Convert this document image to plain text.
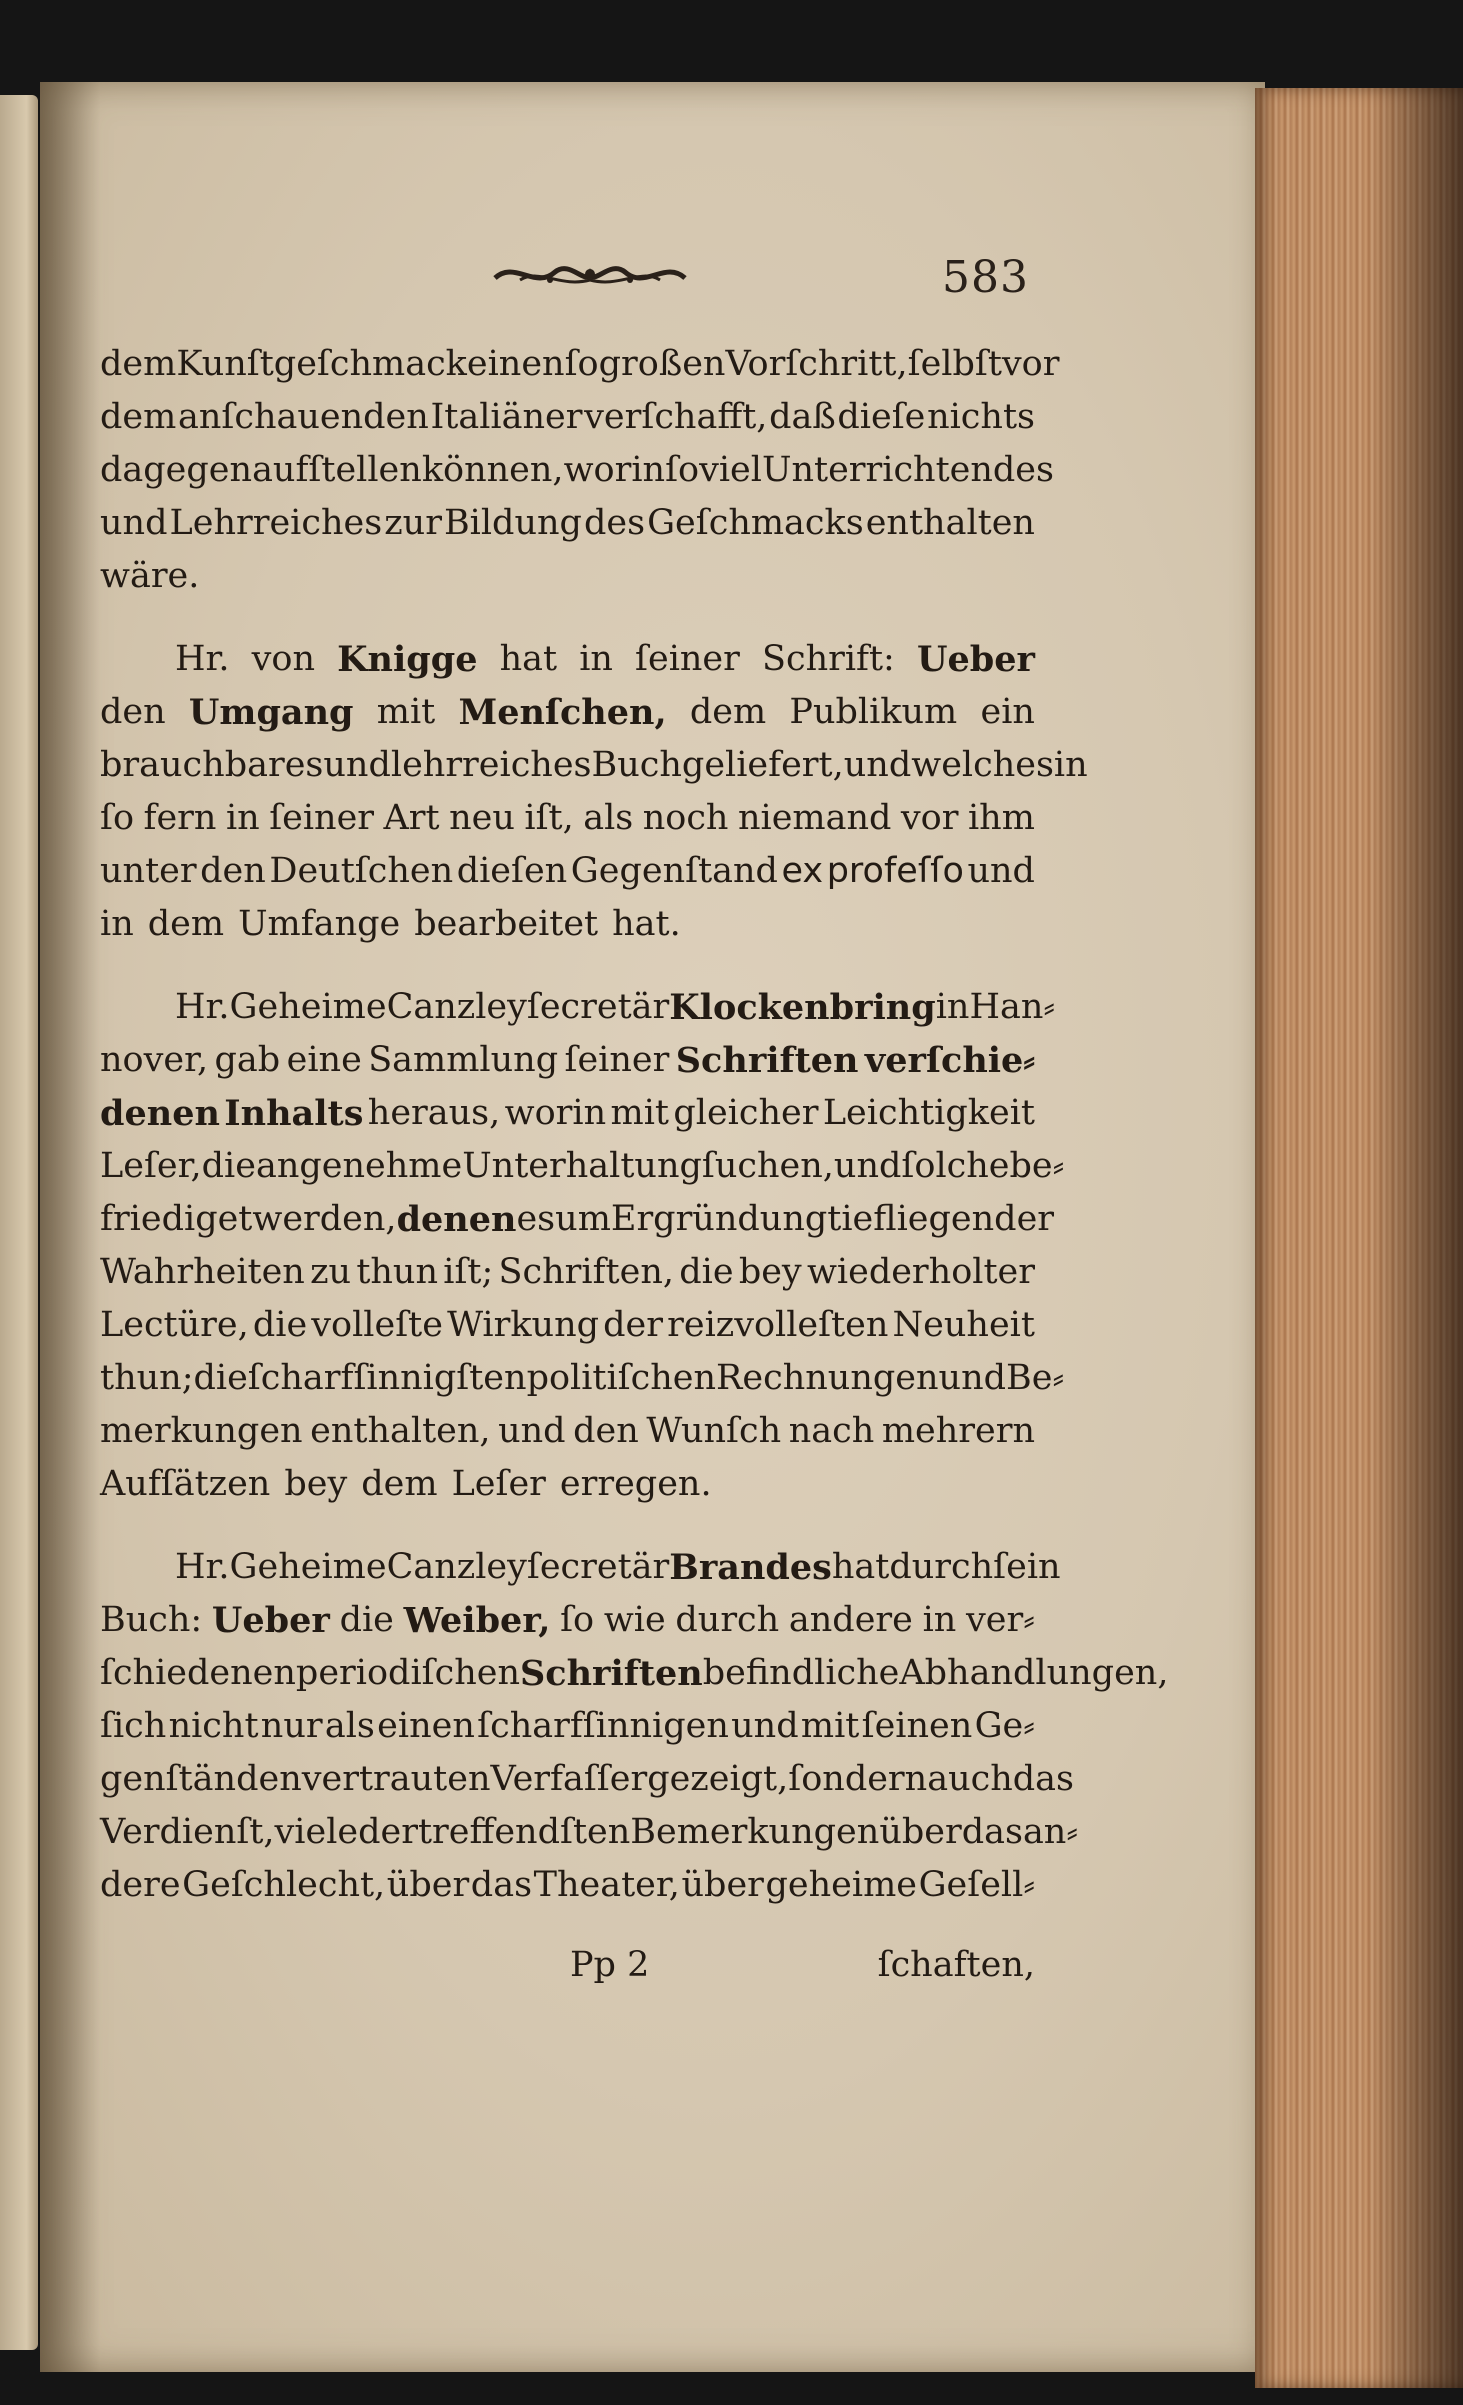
583
dem Kunſtgeſchmack einen ſo großen Vorſchritt, ſelbſt vor
dem anſchauenden Italiäner verſchafft, daß dieſe nichts
dagegen aufſtellen können, worin ſo viel Unterrichtendes
und Lehrreiches zur Bildung des Geſchmacks enthalten
wäre.
Hr. von Knigge hat in ſeiner Schrift: Ueber
den Umgang mit Menſchen, dem Publikum ein
brauchbares und lehrreiches Buch geliefert, und welches in
ſo fern in ſeiner Art neu iſt, als noch niemand vor ihm
unter den Deutſchen dieſen Gegenſtand ex profeſſo und
in dem Umfange bearbeitet hat.
Hr. Geheime Canzleyſecretär Klockenbring in Han⸗
nover, gab eine Sammlung ſeiner Schriften verſchie⸗
denen Inhalts heraus, worin mit gleicher Leichtigkeit
Leſer, die angenehme Unterhaltung ſuchen, und ſolche be⸗
friediget werden, denen es um Ergründung tiefliegender
Wahrheiten zu thun iſt; Schriften, die bey wiederholter
Lectüre, die volleſte Wirkung der reizvolleſten Neuheit
thun; die ſcharfſinnigſten politiſchen Rechnungen und Be⸗
merkungen enthalten, und den Wunſch nach mehrern
Aufſätzen bey dem Leſer erregen.
Hr. Geheime Canzleyſecretär Brandes hat durch ſein
Buch: Ueber die Weiber, ſo wie durch andere in ver⸗
ſchiedenen periodiſchen Schriften befindliche Abhandlungen,
ſich nicht nur als einen ſcharfſinnigen und mit ſeinen Ge⸗
genſtänden vertrauten Verfaſſer gezeigt, ſondern auch das
Verdienſt, viele der treffendſten Bemerkungen über das an⸗
dere Geſchlecht, über das Theater, über geheime Geſell⸗
Pp 2	ſchaften,
